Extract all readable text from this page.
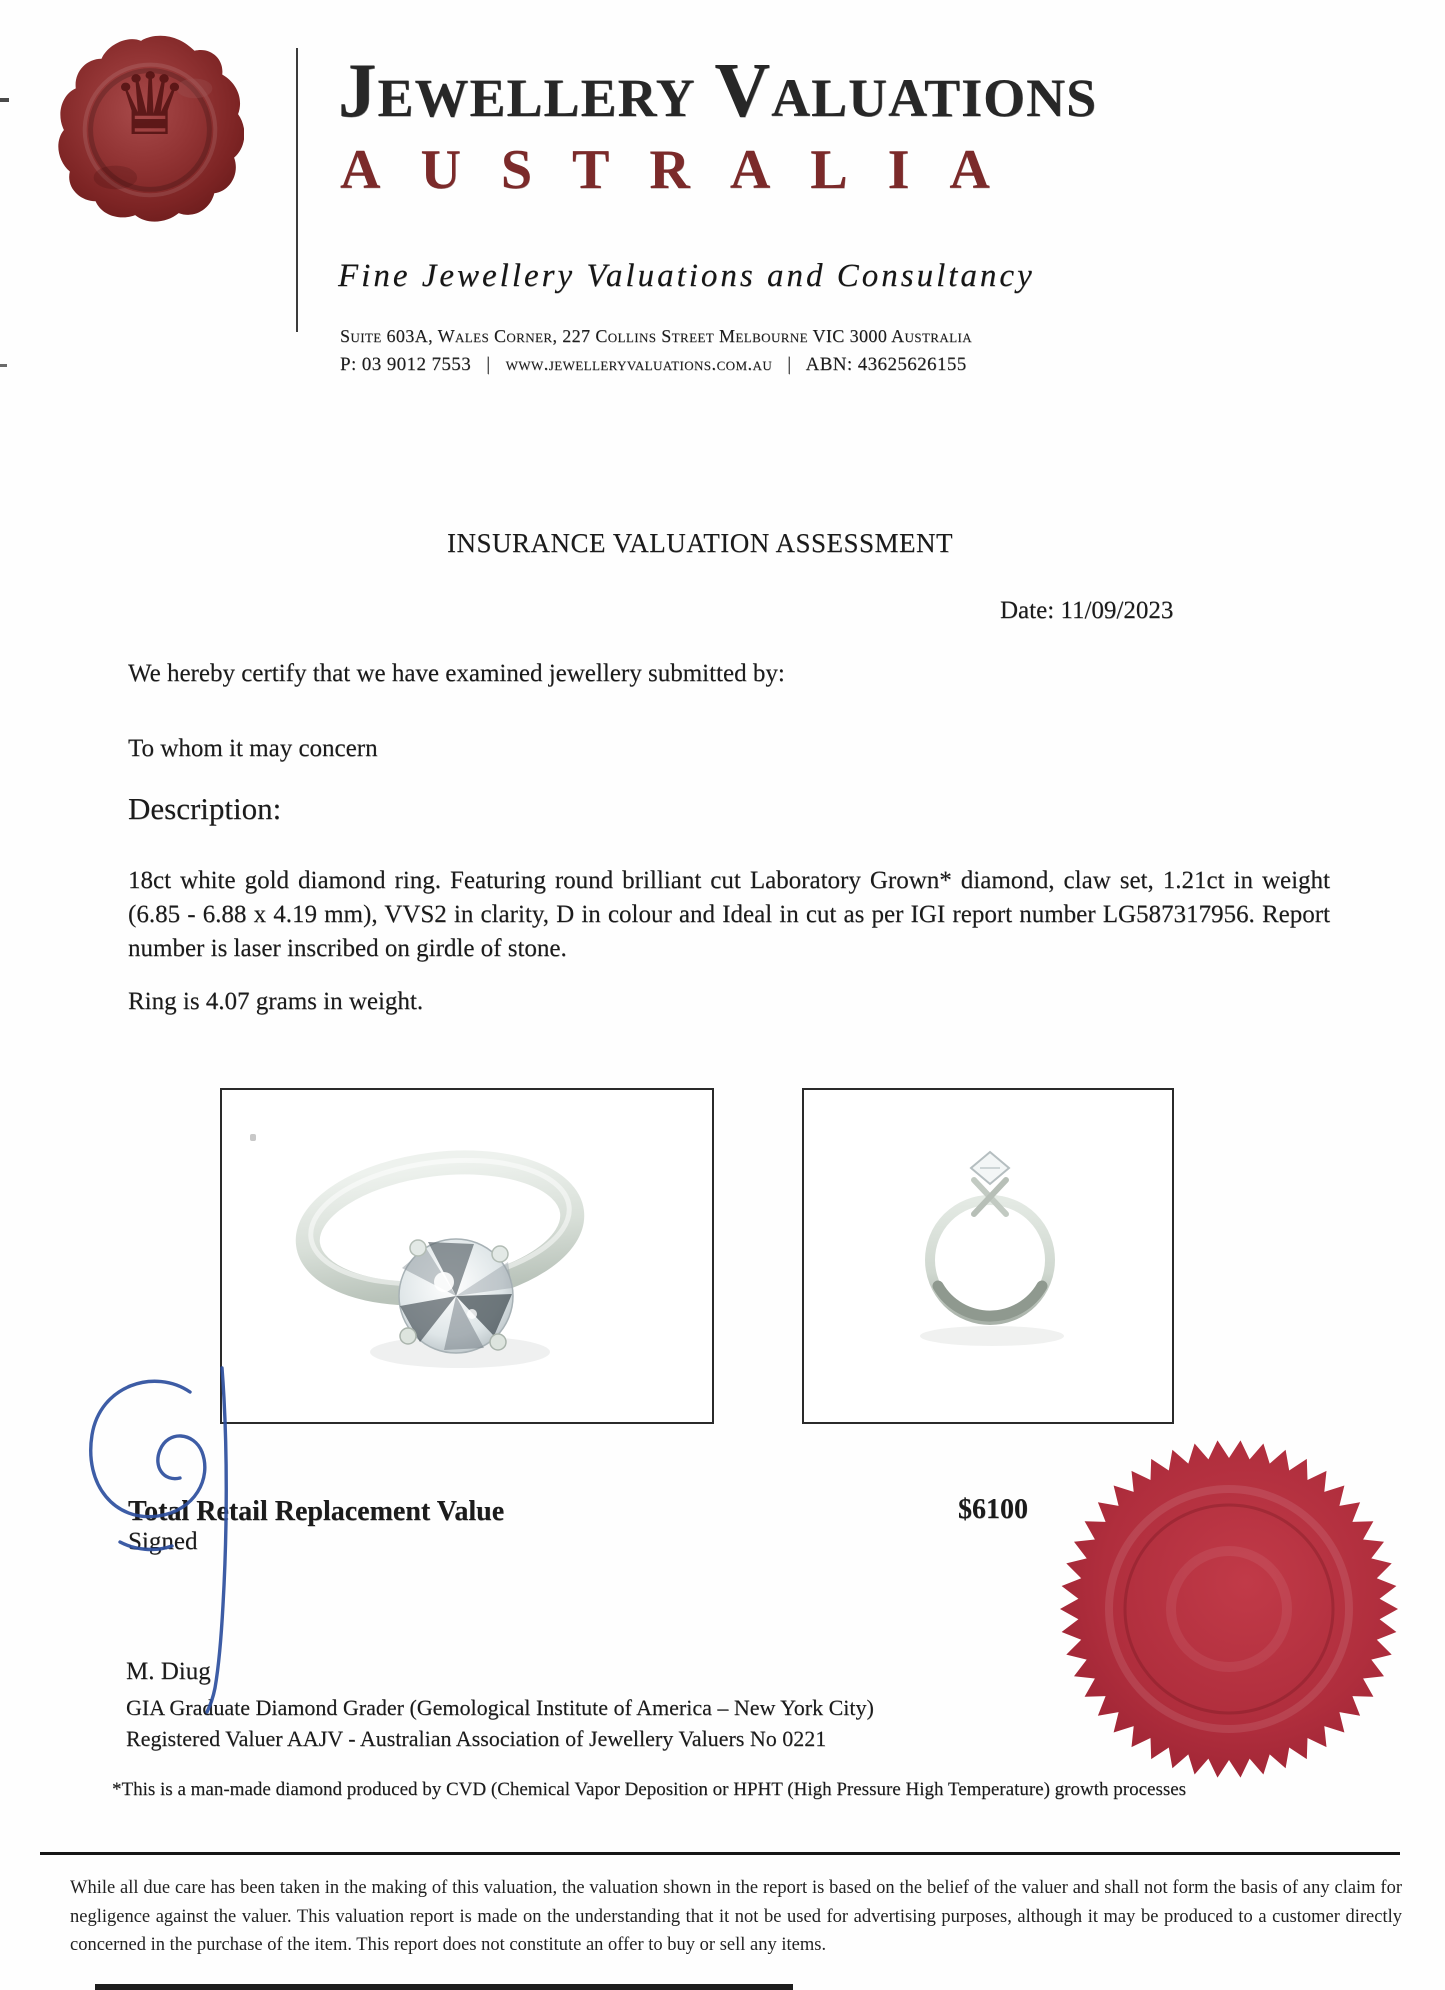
♛	Jewellery Valuations
AUSTRALIA
Fine Jewellery Valuations and Consultancy
Suite 603A, Wales Corner, 227 Collins Street Melbourne VIC 3000 Australia
P: 03 9012 7553 | www.jewelleryvaluations.com.au | ABN: 43625626155
INSURANCE VALUATION ASSESSMENT
Date: 11/09/2023
We hereby certify that we have examined jewellery submitted by:
To whom it may concern
Description:
18ct white gold diamond ring. Featuring round brilliant cut Laboratory Grown* diamond, claw set, 1.21ct in weight (6.85 - 6.88 x 4.19 mm), VVS2 in clarity, D in colour and Ideal in cut as per IGI report number LG587317956. Report number is laser inscribed on girdle of stone.
Ring is 4.07 grams in weight.
Total Retail Replacement Value	$6100
Signed
M. Diug
GIA Graduate Diamond Grader (Gemological Institute of America – New York City)
Registered Valuer AAJV - Australian Association of Jewellery Valuers No 0221
*This is a man-made diamond produced by CVD (Chemical Vapor Deposition or HPHT (High Pressure High Temperature) growth processes
While all due care has been taken in the making of this valuation, the valuation shown in the report is based on the belief of the valuer and shall not form the basis of any claim for negligence against the valuer. This valuation report is made on the understanding that it not be used for advertising purposes, although it may be produced to a customer directly concerned in the purchase of the item. This report does not constitute an offer to buy or sell any items.
